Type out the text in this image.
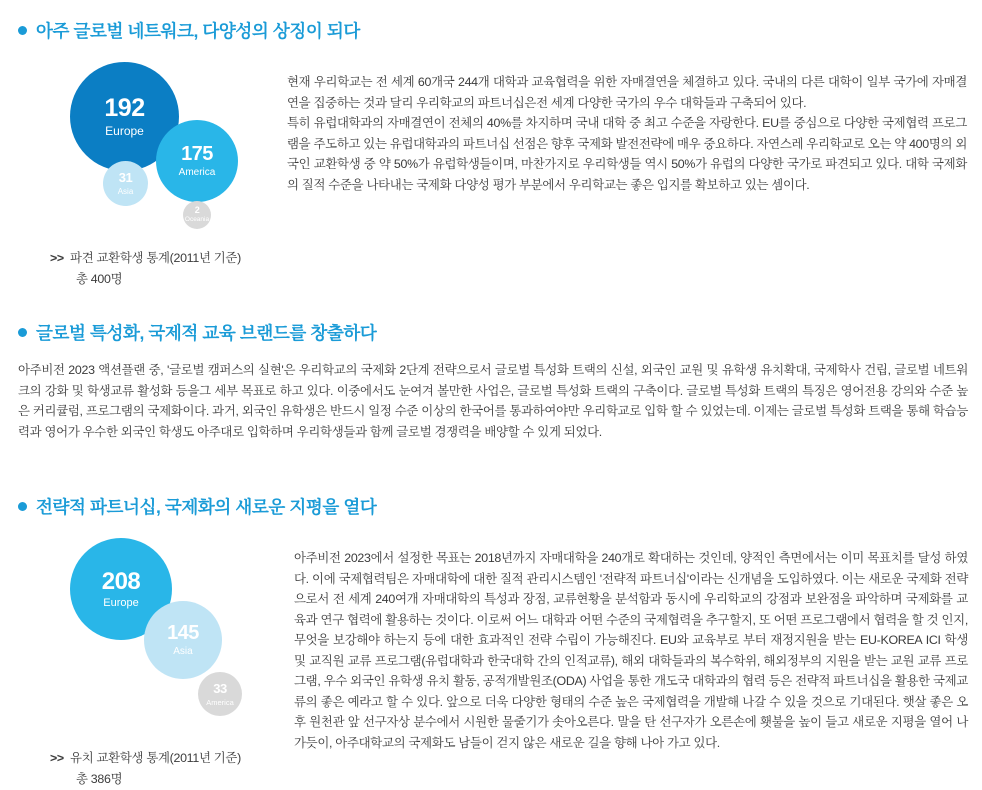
아주 글로벌 네트워크, 다양성의 상징이 되다
192
Europe
175
America
31
Asia
2
Oceania
>> 파견 교환학생 통계(2011년 기준)
총 400명

현재 우리학교는 전 세계 60개국 244개 대학과 교육협력을 위한 자매결연을 체결하고 있다. 국내의 다른 대학이 일부 국가에 자매결연을 집중하는 것과 달리 우리학교의 파트너십은전 세계 다양한 국가의 우수 대학들과 구축되어 있다.

특히 유럽대학과의 자매결연이 전체의 40%를 차지하며 국내 대학 중 최고 수준을 자랑한다. EU를 중심으로 다양한 국제협력 프로그램을 주도하고 있는 유럽대학과의 파트너십 선점은 향후 국제화 발전전략에 매우 중요하다. 자연스레 우리학교로 오는 약 400명의 외국인 교환학생 중 약 50%가 유럽학생들이며, 마찬가지로 우리학생들 역시 50%가 유럽의 다양한 국가로 파견되고 있다. 대학 국제화의 질적 수준을 나타내는 국제화 다양성 평가 부분에서 우리학교는 좋은 입지를 확보하고 있는 셈이다.

글로벌 특성화, 국제적 교육 브랜드를 창출하다

아주비전 2023 액션플랜 중, '글로벌 캠퍼스의 실현'은 우리학교의 국제화 2단계 전략으로서 글로벌 특성화 트랙의 신설, 외국인 교원 및 유학생 유치확대, 국제학사 건립, 글로벌 네트워크의 강화 및 학생교류 활성화 등을그 세부 목표로 하고 있다. 이중에서도 눈여겨 볼만한 사업은, 글로벌 특성화 트랙의 구축이다. 글로벌 특성화 트랙의 특징은 영어전용 강의와 수준 높은 커리큘럼, 프로그램의 국제화이다. 과거, 외국인 유학생은 반드시 일정 수준 이상의 한국어를 통과하여야만 우리학교로 입학 할 수 있었는데. 이제는 글로벌 특성화 트랙을 통해 학습능력과 영어가 우수한 외국인 학생도 아주대로 입학하며 우리학생들과 함께 글로벌 경쟁력을 배양할 수 있게 되었다.

전략적 파트너십, 국제화의 새로운 지평을 열다
208
Europe
145
Asia
33
America
>> 유치 교환학생 통계(2011년 기준)
총 386명

아주비전 2023에서 설정한 목표는 2018년까지 자매대학을 240개로 확대하는 것인데, 양적인 측면에서는 이미 목표치를 달성 하였다. 이에 국제협력팀은 자매대학에 대한 질적 관리시스템인 '전략적 파트너십'이라는 신개념을 도입하였다. 이는 새로운 국제화 전략으로서 전 세계 240여개 자매대학의 특성과 장점, 교류현황을 분석함과 동시에 우리학교의 강점과 보완점을 파악하며 국제화를 교육과 연구 협력에 활용하는 것이다. 이로써 어느 대학과 어떤 수준의 국제협력을 추구할지, 또 어떤 프로그램에서 협력을 할 것 인지, 무엇을 보강해야 하는지 등에 대한 효과적인 전략 수립이 가능해진다. EU와 교육부로 부터 재정지원을 받는 EU-KOREA ICI 학생 및 교직원 교류 프로그램(유럽대학과 한국대학 간의 인적교류), 해외 대학들과의 복수학위, 해외정부의 지원을 받는 교원 교류 프로그램, 우수 외국인 유학생 유치 활동, 공적개발원조(ODA) 사업을 통한 개도국 대학과의 협력 등은 전략적 파트너십을 활용한 국제교류의 좋은 예라고 할 수 있다. 앞으로 더욱 다양한 형태의 수준 높은 국제협력을 개발해 나갈 수 있을 것으로 기대된다. 햇살 좋은 오후 원천관 앞 선구자상 분수에서 시원한 물줄기가 솟아오른다. 말을 탄 선구자가 오른손에 횃불을 높이 들고 새로운 지평을 열어 나가듯이, 아주대학교의 국제화도 남들이 걷지 않은 새로운 길을 향해 나아 가고 있다.
